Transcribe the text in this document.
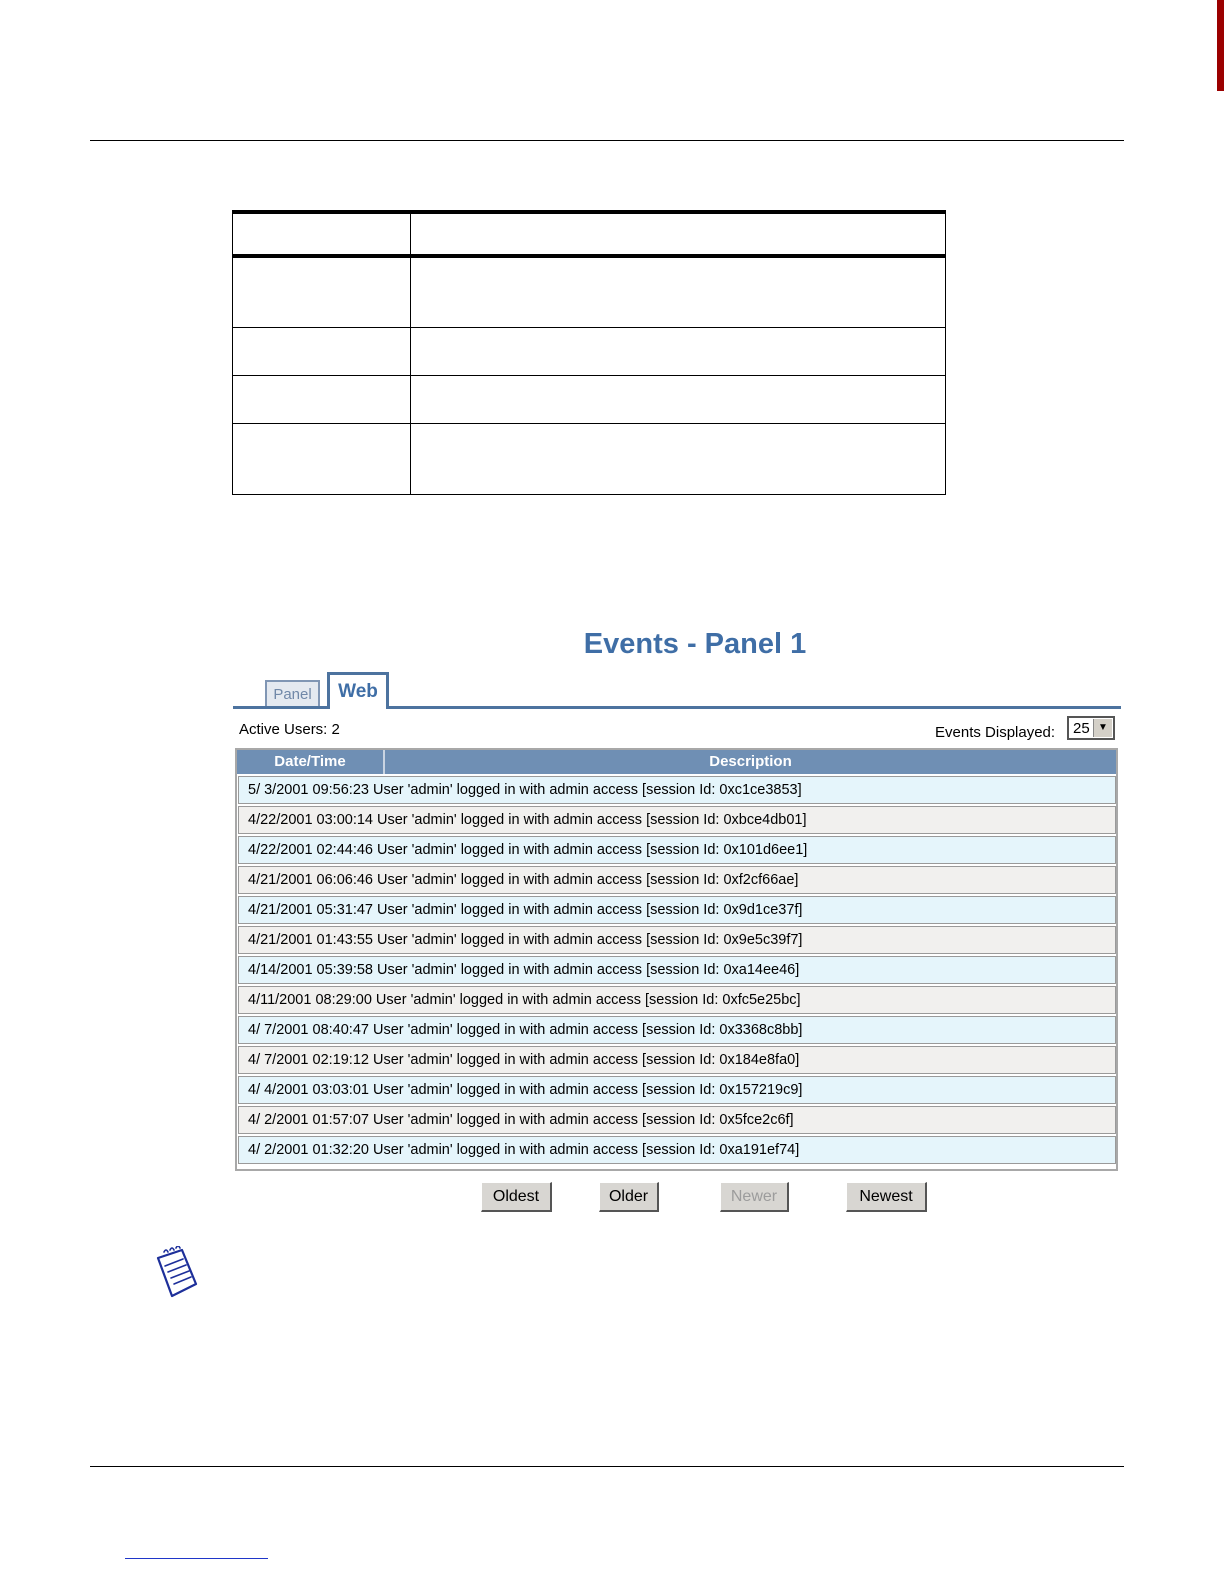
Events - Panel 1
Panel	Web
Active Users: 2	Events Displayed: 25 ▼
Date/Time	Description
5/ 3/2001 09:56:23 User 'admin' logged in with admin access [session Id: 0xc1ce3853]
4/22/2001 03:00:14 User 'admin' logged in with admin access [session Id: 0xbce4db01]
4/22/2001 02:44:46 User 'admin' logged in with admin access [session Id: 0x101d6ee1]
4/21/2001 06:06:46 User 'admin' logged in with admin access [session Id: 0xf2cf66ae]
4/21/2001 05:31:47 User 'admin' logged in with admin access [session Id: 0x9d1ce37f]
4/21/2001 01:43:55 User 'admin' logged in with admin access [session Id: 0x9e5c39f7]
4/14/2001 05:39:58 User 'admin' logged in with admin access [session Id: 0xa14ee46]
4/11/2001 08:29:00 User 'admin' logged in with admin access [session Id: 0xfc5e25bc]
4/ 7/2001 08:40:47 User 'admin' logged in with admin access [session Id: 0x3368c8bb]
4/ 7/2001 02:19:12 User 'admin' logged in with admin access [session Id: 0x184e8fa0]
4/ 4/2001 03:03:01 User 'admin' logged in with admin access [session Id: 0x157219c9]
4/ 2/2001 01:57:07 User 'admin' logged in with admin access [session Id: 0x5fce2c6f]
4/ 2/2001 01:32:20 User 'admin' logged in with admin access [session Id: 0xa191ef74]
Oldest	Older	Newer	Newest
